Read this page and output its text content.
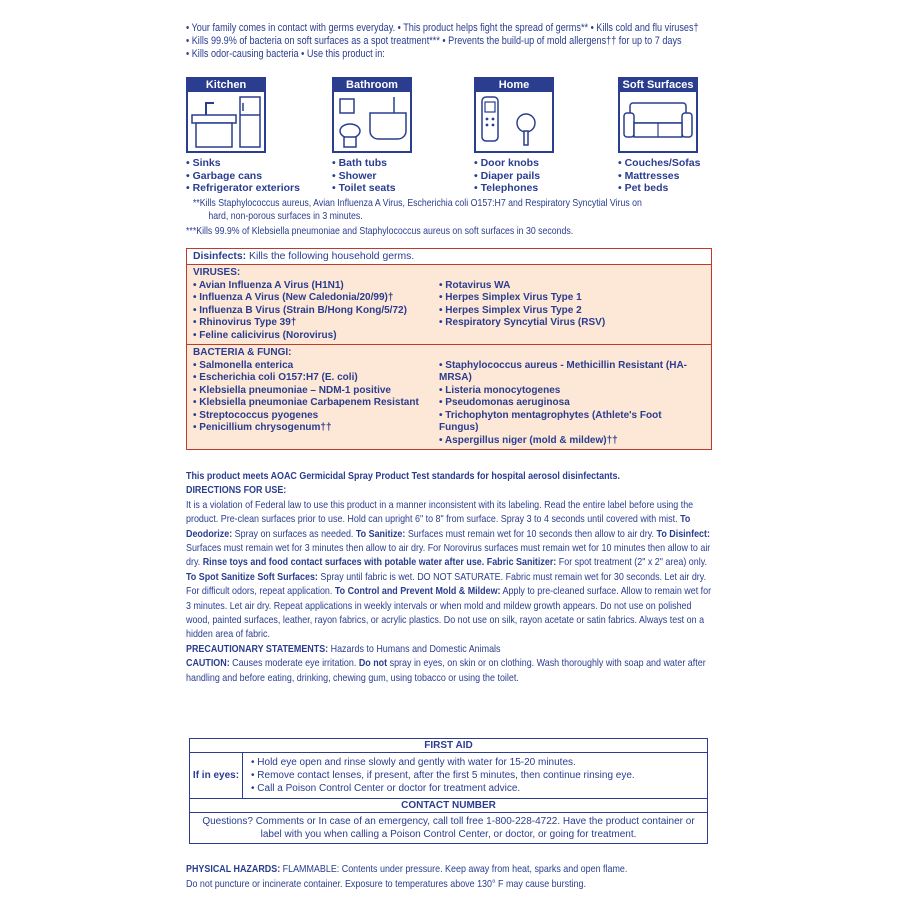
• Your family comes in contact with germs everyday. • This product helps fight the spread of germs** • Kills cold and flu viruses†

• Kills 99.9% of bacteria on soft surfaces as a spot treatment*** • Prevents the build-up of mold allergens†† for up to 7 days

• Kills odor-causing bacteria • Use this product in:

Kitchen
• Sinks
• Garbage cans
• Refrigerator exteriors
Bathroom
• Bath tubs
• Shower
• Toilet seats
Home
• Door knobs
• Diaper pails
• Telephones
Soft Surfaces
• Couches/Sofas
• Mattresses
• Pet beds

**Kills Staphylococcus aureus, Avian Influenza A Virus, Escherichia coli O157:H7 and Respiratory Syncytial Virus on

hard, non-porous surfaces in 3 minutes.

***Kills 99.9% of Klebsiella pneumoniae and Staphylococcus aureus on soft surfaces in 30 seconds.

Disinfects: Kills the following household germs.
VIRUSES:
• Avian Influenza A Virus (H1N1)
• Influenza A Virus (New Caledonia/20/99)†
• Influenza B Virus (Strain B/Hong Kong/5/72)
• Rhinovirus Type 39†
• Feline calicivirus (Norovirus)
• Rotavirus WA
• Herpes Simplex Virus Type 1
• Herpes Simplex Virus Type 2
• Respiratory Syncytial Virus (RSV)
BACTERIA & FUNGI:
• Salmonella enterica
• Escherichia coli O157:H7 (E. coli)
• Klebsiella pneumoniae – NDM-1 positive
• Klebsiella pneumoniae Carbapenem Resistant
• Streptococcus pyogenes
• Penicillium chrysogenum††
• Staphylococcus aureus - Methicillin Resistant (HA-MRSA)
• Listeria monocytogenes
• Pseudomonas aeruginosa
• Trichophyton mentagrophytes (Athlete's Foot Fungus)
• Aspergillus niger (mold & mildew)††

This product meets AOAC Germicidal Spray Product Test standards for hospital aerosol disinfectants.

DIRECTIONS FOR USE:

It is a violation of Federal law to use this product in a manner inconsistent with its labeling. Read the entire label before using the product. Pre-clean surfaces prior to use. Hold can upright 6" to 8" from surface. Spray 3 to 4 seconds until covered with mist. To Deodorize: Spray on surfaces as needed. To Sanitize: Surfaces must remain wet for 10 seconds then allow to air dry. To Disinfect: Surfaces must remain wet for 3 minutes then allow to air dry. For Norovirus surfaces must remain wet for 10 minutes then allow to air dry. Rinse toys and food contact surfaces with potable water after use. Fabric Sanitizer: For spot treatment (2" x 2" area) only. To Spot Sanitize Soft Surfaces: Spray until fabric is wet. DO NOT SATURATE. Fabric must remain wet for 30 seconds. Let air dry. For difficult odors, repeat application. To Control and Prevent Mold & Mildew: Apply to pre-cleaned surface. Allow to remain wet for 3 minutes. Let air dry. Repeat applications in weekly intervals or when mold and mildew growth appears. Do not use on polished wood, painted surfaces, leather, rayon fabrics, or acrylic plastics. Do not use on silk, rayon acetate or satin fabrics. Always test on a hidden area of fabric.

PRECAUTIONARY STATEMENTS: Hazards to Humans and Domestic Animals

CAUTION: Causes moderate eye irritation. Do not spray in eyes, on skin or on clothing. Wash thoroughly with soap and water after handling and before eating, drinking, chewing gum, using tobacco or using the toilet.

FIRST AID
If in eyes:
• Hold eye open and rinse slowly and gently with water for 15-20 minutes.
• Remove contact lenses, if present, after the first 5 minutes, then continue rinsing eye.
• Call a Poison Control Center or doctor for treatment advice.
CONTACT NUMBER
Questions? Comments or In case of an emergency, call toll free 1-800-228-4722. Have the product container or label with you when calling a Poison Control Center, or doctor, or going for treatment.

PHYSICAL HAZARDS: FLAMMABLE: Contents under pressure. Keep away from heat, sparks and open flame.

Do not puncture or incinerate container. Exposure to temperatures above 130° F may cause bursting.
